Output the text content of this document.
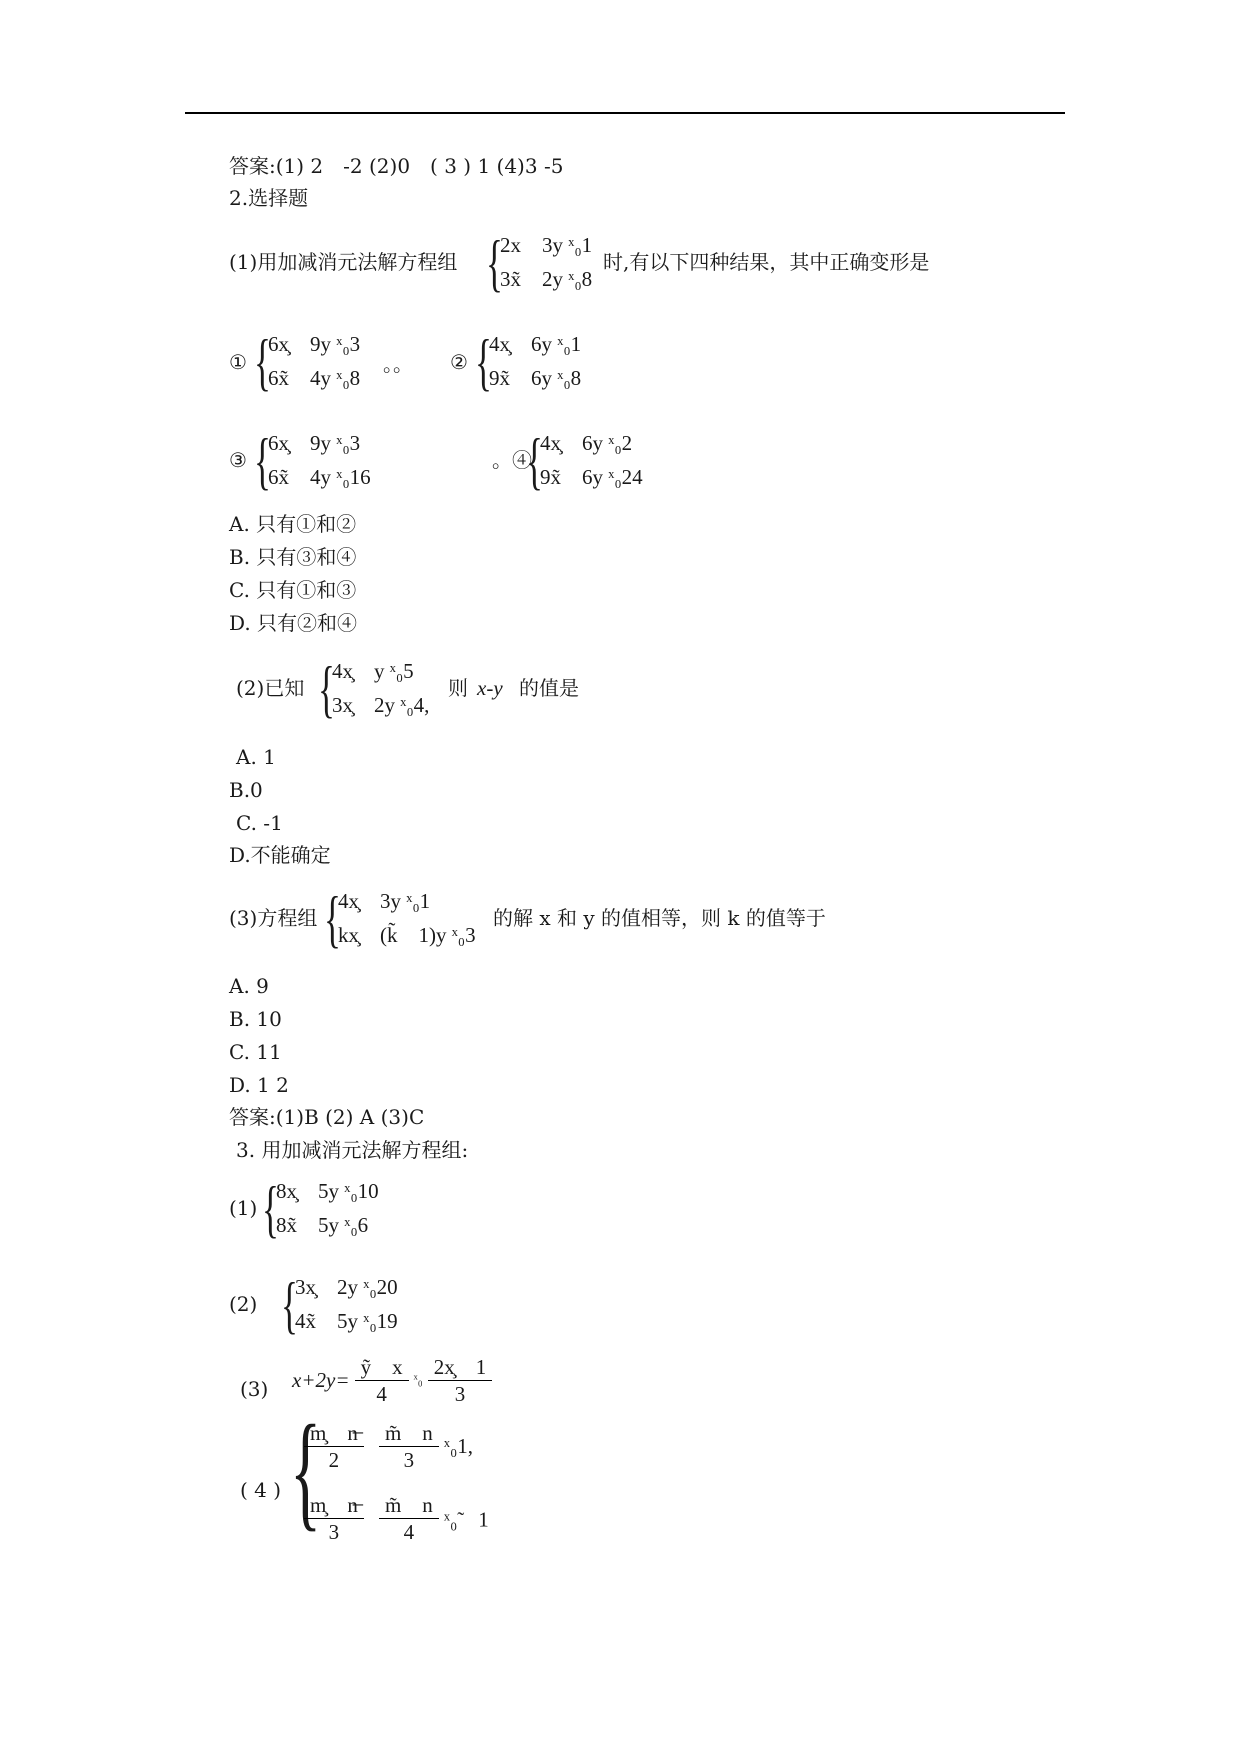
答案:(1) 2　-2 (2)0　( 3 ) 1 (4)3 -5
2.选择题
(1)用加减消元法解方程组 {
2x　3y ˣ₀1
3x̃　2y ˣ₀8
时,有以下四种结果，其中正确变形是
① {
6x̧　9y ˣ₀3
6x̃　4y ˣ₀8
。。 ② {
4x̧　6y ˣ₀1
9x̃　6y ˣ₀8
③ {
6x̧　9y ˣ₀3
6x̃　4y ˣ₀16
。④
{
4x̧　6y ˣ₀2
9x̃　6y ˣ₀24
A. 只有①和②
B. 只有③和④
C. 只有①和③
D. 只有②和④
(2)已知 {
4x̧　y ˣ₀5
3x̧　2y ˣ₀4,
则 x-y 的值是
A. 1
B.0
C. -1
D.不能确定
(3)方程组 {
4x̧　3y ˣ₀1
kx̧　(k̃　1)y ˣ₀3
的解 x 和 y 的值相等，则 k 的值等于
A. 9
B. 10
C. 11
D. 1 2
答案:(1)B (2) A (3)C
3. 用加减消元法解方程组:
(1) {
8x̧　5y ˣ₀10
8x̃　5y ˣ₀6
(2) {
3x̧　2y ˣ₀20
4x̃　5y ˣ₀19
(3) $x+2y= \frac{\text{ỹ　x}}{4}$ ˣ₀ $\frac{2x̧ 1}{3}$
( 4 ) {
$\frac{m̧ n̶}{2}$
$\frac{m̃ n}{3}$ ˣ₀1,
$\frac{m̧ n̶}{3}$
$\frac{m̃ n}{4}$ ˣ₀̃　1
